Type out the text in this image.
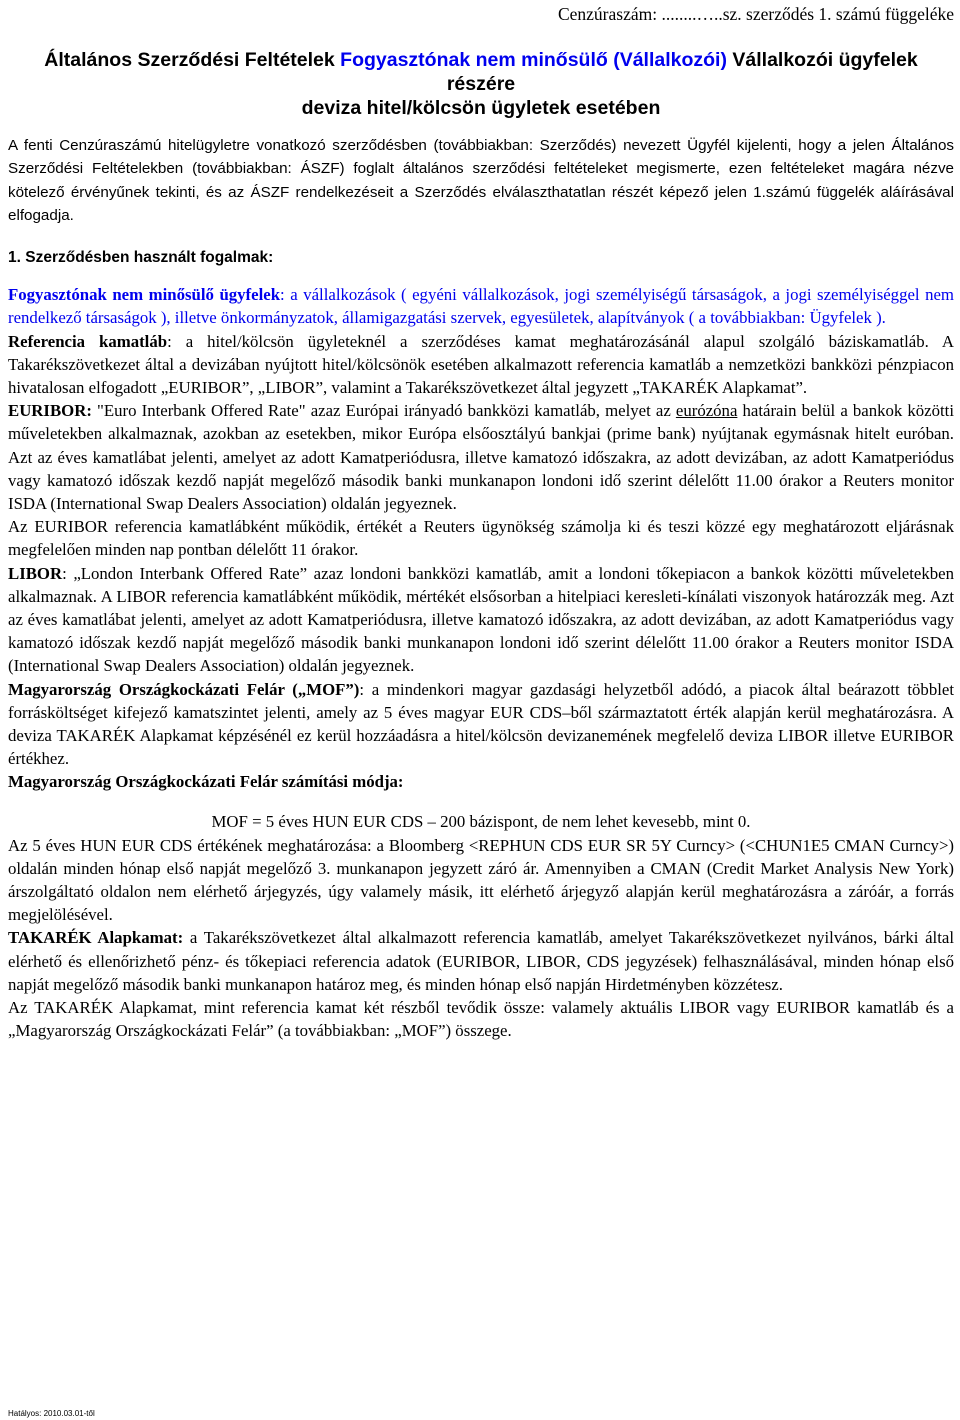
Cenzúraszám: ........…..sz. szerződés 1. számú függeléke
Általános Szerződési Feltételek Fogyasztónak nem minősülő (Vállalkozói) Vállalkozói ügyfelek részére
deviza hitel/kölcsön ügyletek esetében
A fenti Cenzúraszámú hitelügyletre vonatkozó szerződésben (továbbiakban: Szerződés) nevezett Ügyfél kijelenti, hogy a jelen Általános Szerződési Feltételekben (továbbiakban: ÁSZF) foglalt általános szerződési feltételeket megismerte, ezen feltételeket magára nézve kötelező érvényűnek tekinti, és az ÁSZF rendelkezéseit a Szerződés elválaszthatatlan részét képező jelen 1.számú függelék aláírásával elfogadja.
1. Szerződésben használt fogalmak:

Fogyasztónak nem minősülő ügyfelek: a vállalkozások ( egyéni vállalkozások, jogi személyiségű társaságok, a jogi személyiséggel nem rendelkező társaságok ), illetve önkormányzatok, államigazgatási szervek, egyesületek, alapítványok ( a továbbiakban: Ügyfelek ).

Referencia kamatláb: a hitel/kölcsön ügyleteknél a szerződéses kamat meghatározásánál alapul szolgáló báziskamatláb. A Takarékszövetkezet által a devizában nyújtott hitel/kölcsönök esetében alkalmazott referencia kamatláb a nemzetközi bankközi pénzpiacon hivatalosan elfogadott „EURIBOR”, „LIBOR”, valamint a Takarékszövetkezet által jegyzett „TAKARÉK Alapkamat”.

EURIBOR: "Euro Interbank Offered Rate" azaz Európai irányadó bankközi kamatláb, melyet az eurózóna határain belül a bankok közötti műveletekben alkalmaznak, azokban az esetekben, mikor Európa elsőosztályú bankjai (prime bank) nyújtanak egymásnak hitelt euróban. Azt az éves kamatlábat jelenti, amelyet az adott Kamatperiódusra, illetve kamatozó időszakra, az adott devizában, az adott Kamatperiódus vagy kamatozó időszak kezdő napját megelőző második banki munkanapon londoni idő szerint délelőtt 11.00 órakor a Reuters monitor ISDA (International Swap Dealers Association) oldalán jegyeznek.

Az EURIBOR referencia kamatlábként működik, értékét a Reuters ügynökség számolja ki és teszi közzé egy meghatározott eljárásnak megfelelően minden nap pontban délelőtt 11 órakor.

LIBOR: „London Interbank Offered Rate” azaz londoni bankközi kamatláb, amit a londoni tőkepiacon a bankok közötti műveletekben alkalmaznak. A LIBOR referencia kamatlábként működik, mértékét elsősorban a hitelpiaci keresleti-kínálati viszonyok határozzák meg. Azt az éves kamatlábat jelenti, amelyet az adott Kamatperiódusra, illetve kamatozó időszakra, az adott devizában, az adott Kamatperiódus vagy kamatozó időszak kezdő napját megelőző második banki munkanapon londoni idő szerint délelőtt 11.00 órakor a Reuters monitor ISDA (International Swap Dealers Association) oldalán jegyeznek.

Magyarország Országkockázati Felár („MOF”): a mindenkori magyar gazdasági helyzetből adódó, a piacok által beárazott többlet forrásköltséget kifejező kamatszintet jelenti, amely az 5 éves magyar EUR CDS–ből származtatott érték alapján kerül meghatározásra. A deviza TAKARÉK Alapkamat képzésénél ez kerül hozzáadásra a hitel/kölcsön devizanemének megfelelő deviza LIBOR illetve EURIBOR értékhez.

Magyarország Országkockázati Felár számítási módja:

MOF = 5 éves HUN EUR CDS – 200 bázispont, de nem lehet kevesebb, mint 0.

Az 5 éves HUN EUR CDS értékének meghatározása: a Bloomberg <REPHUN CDS EUR SR 5Y Curncy> (<CHUN1E5 CMAN Curncy>) oldalán minden hónap első napját megelőző 3. munkanapon jegyzett záró ár. Amennyiben a CMAN (Credit Market Analysis New York) árszolgáltató oldalon nem elérhető árjegyzés, úgy valamely másik, itt elérhető árjegyző alapján kerül meghatározásra a záróár, a forrás megjelölésével.

TAKARÉK Alapkamat: a Takarékszövetkezet által alkalmazott referencia kamatláb, amelyet Takarékszövetkezet nyilvános, bárki által elérhető és ellenőrizhető pénz- és tőkepiaci referencia adatok (EURIBOR, LIBOR, CDS jegyzések) felhasználásával, minden hónap első napját megelőző második banki munkanapon határoz meg, és minden hónap első napján Hirdetményben közzétesz.

Az TAKARÉK Alapkamat, mint referencia kamat két részből tevődik össze: valamely aktuális LIBOR vagy EURIBOR kamatláb és a „Magyarország Országkockázati Felár” (a továbbiakban: „MOF”) összege.

Hatályos: 2010.03.01-től
